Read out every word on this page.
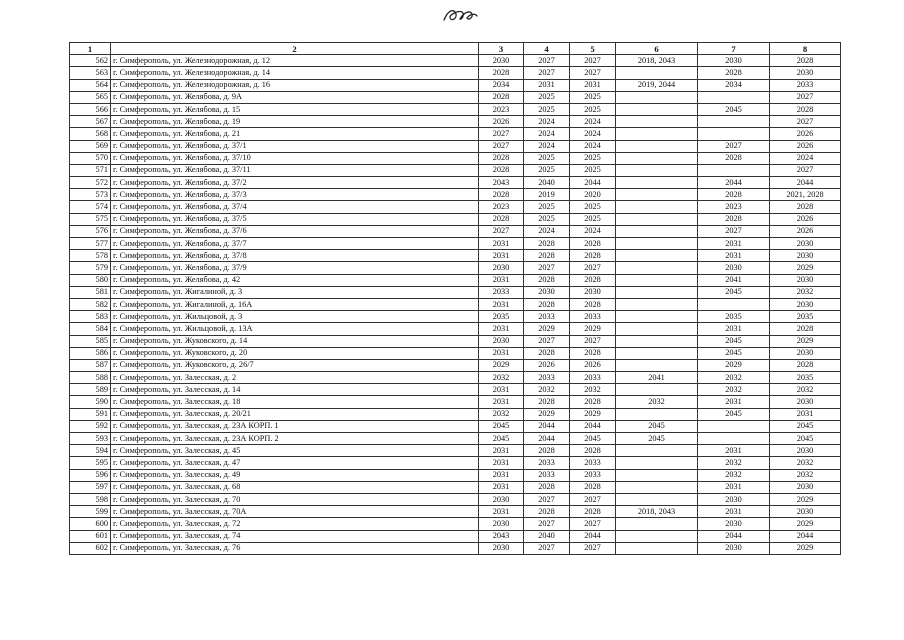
1	2	3	4	5	6	7	8
562	г. Симферополь, ул. Железнодорожная, д. 12	2030	2027	2027	2018, 2043	2030	2028
563	г. Симферополь, ул. Железнодорожная, д. 14	2028	2027	2027		2028	2030
564	г. Симферополь, ул. Железнодорожная, д. 16	2034	2031	2031	2019, 2044	2034	2033
565	г. Симферополь, ул. Желябова, д. 9А	2028	2025	2025			2027
566	г. Симферополь, ул. Желябова, д. 15	2023	2025	2025		2045	2028
567	г. Симферополь, ул. Желябова, д. 19	2026	2024	2024			2027
568	г. Симферополь, ул. Желябова, д. 21	2027	2024	2024			2026
569	г. Симферополь, ул. Желябова, д. 37/1	2027	2024	2024		2027	2026
570	г. Симферополь, ул. Желябова, д. 37/10	2028	2025	2025		2028	2024
571	г. Симферополь, ул. Желябова, д. 37/11	2028	2025	2025			2027
572	г. Симферополь, ул. Желябова, д. 37/2	2043	2040	2044		2044	2044
573	г. Симферополь, ул. Желябова, д. 37/3	2028	2019	2020		2028	2021, 2028
574	г. Симферополь, ул. Желябова, д. 37/4	2023	2025	2025		2023	2028
575	г. Симферополь, ул. Желябова, д. 37/5	2028	2025	2025		2028	2026
576	г. Симферополь, ул. Желябова, д. 37/6	2027	2024	2024		2027	2026
577	г. Симферополь, ул. Желябова, д. 37/7	2031	2028	2028		2031	2030
578	г. Симферополь, ул. Желябова, д. 37/8	2031	2028	2028		2031	2030
579	г. Симферополь, ул. Желябова, д. 37/9	2030	2027	2027		2030	2029
580	г. Симферополь, ул. Желябова, д. 42	2031	2028	2028		2041	2030
581	г. Симферополь, ул. Жигалиной, д. 3	2033	2030	2030		2045	2032
582	г. Симферополь, ул. Жигалиной, д. 16А	2031	2028	2028			2030
583	г. Симферополь, ул. Жильцовой, д. 3	2035	2033	2033		2035	2035
584	г. Симферополь, ул. Жильцовой, д. 13А	2031	2029	2029		2031	2028
585	г. Симферополь, ул. Жуковского, д. 14	2030	2027	2027		2045	2029
586	г. Симферополь, ул. Жуковского, д. 20	2031	2028	2028		2045	2030
587	г. Симферополь, ул. Жуковского, д. 26/7	2029	2026	2026		2029	2028
588	г. Симферополь, ул. Залесская, д. 2	2032	2033	2033	2041	2032	2035
589	г. Симферополь, ул. Залесская, д. 14	2031	2032	2032		2032	2032
590	г. Симферополь, ул. Залесская, д. 18	2031	2028	2028	2032	2031	2030
591	г. Симферополь, ул. Залесская, д. 20/21	2032	2029	2029		2045	2031
592	г. Симферополь, ул. Залесская, д. 23А КОРП. 1	2045	2044	2044	2045		2045
593	г. Симферополь, ул. Залесская, д. 23А КОРП. 2	2045	2044	2045	2045		2045
594	г. Симферополь, ул. Залесская, д. 45	2031	2028	2028		2031	2030
595	г. Симферополь, ул. Залесская, д. 47	2031	2033	2033		2032	2032
596	г. Симферополь, ул. Залесская, д. 49	2031	2033	2033		2032	2032
597	г. Симферополь, ул. Залесская, д. 68	2031	2028	2028		2031	2030
598	г. Симферополь, ул. Залесская, д. 70	2030	2027	2027		2030	2029
599	г. Симферополь, ул. Залесская, д. 70А	2031	2028	2028	2018, 2043	2031	2030
600	г. Симферополь, ул. Залесская, д. 72	2030	2027	2027		2030	2029
601	г. Симферополь, ул. Залесская, д. 74	2043	2040	2044		2044	2044
602	г. Симферополь, ул. Залесская, д. 76	2030	2027	2027		2030	2029
